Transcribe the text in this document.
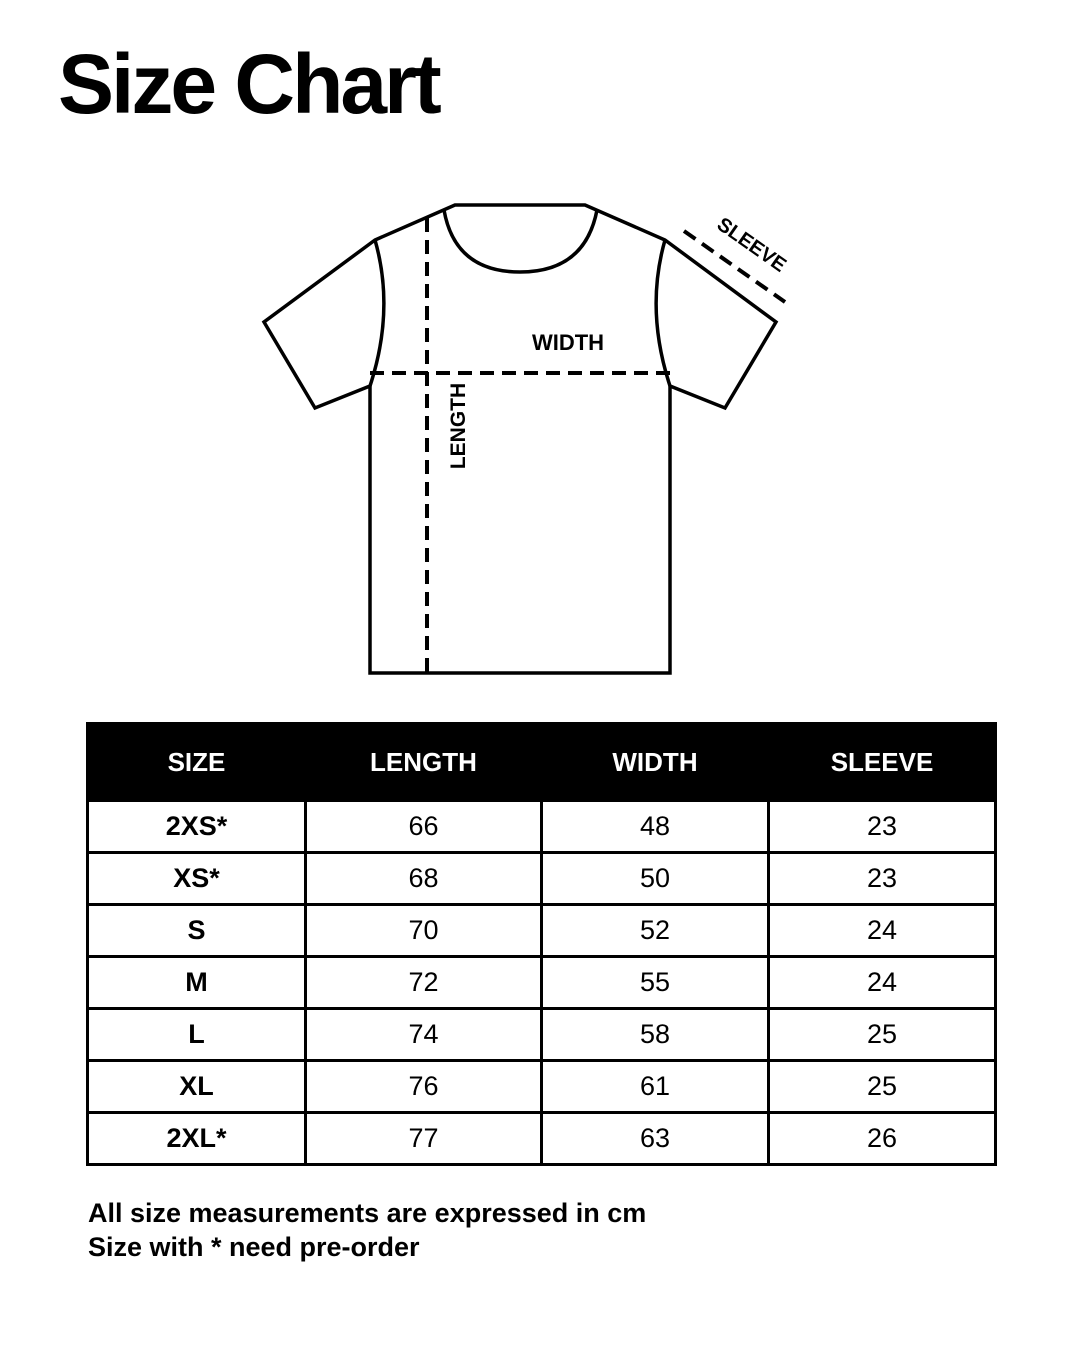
Size Chart
WIDTH
LENGTH
SLEEVE
SIZE	LENGTH	WIDTH	SLEEVE
2XS*	66	48	23
XS*	68	50	23
S	70	52	24
M	72	55	24
L	74	58	25
XL	76	61	25
2XL*	77	63	26
All size measurements are expressed in cm
Size with * need pre-order
